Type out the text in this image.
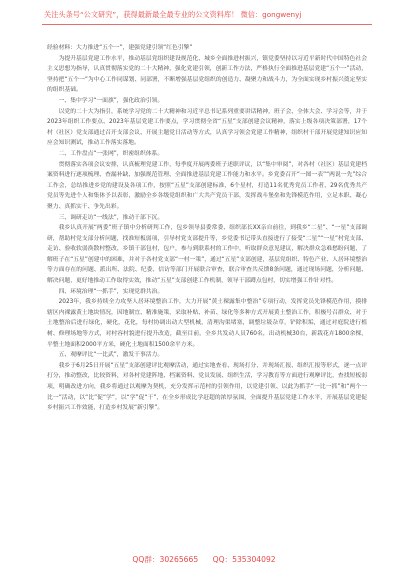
关注头条号“公文研究”，获得最新最全最专业的公文资料库！ 微信：gongwenyj

经验材料：大力推进“五个一”，建强党建引领“红色引擎”

为提升基层党建工作水平，推动基层党组织建设规范化、城乡全面推进村振兴，镇党委坚持以习近平新时代中国特色社会主义思想为指导，认真贯彻落实党的二十大精神，强化党建引领，创新工作方法，严格执行全面推进基层党建“五个一”活动，坚持把“五个一”为中心工作同谋划、同部署，不断增强基层党组织的创造力、凝聚力和战斗力，为全面实现乡村振兴奠定坚实的组织基础。

一、集中学习“一面旗”，强化政治引领。

以党的二十大为指引，系统学习党的二十大精神和习近平总书记系列重要讲话精神，班子会、全体大会、学习会等，并于2023年组织工作要点、2023年基层党建工作要点，学习贯彻全省“五星”支部创建会议精神，落实上级各项决策部署，17个村（社区）党支部通过召开支部会议、开展主题党日活动等方式，认真学习领会党建工作精神，组织村干部开展党建知识应知应会知识测试，推动工作落实落地。

二、工作盘点“一张网”，织密组织体系。

贯彻落实各项会议安排，认真梳理党建工作，每季度开展两委班子述职评议，以“集中审阅”，对各村（社区）基层党建档案资料进行逐项梳理、查漏补缺、加强规范管理、全面推进基层党建工作能力和水平。乡党委召开“一图一表”“两说一先”综合工作会，总结推进乡党的建设及各项工作，按照“五星”支部创建标准，6个星村，打造11名优秀党员工作者，29名优秀共产党员等先进个人和集体予以表彰，激励全乡各级党组织和广大共产党员干部，发挥战斗堡垒和先锋模范作用，立足本职、凝心聚力、真抓实干、争先出彩。

三、调研走访“一线法”，推动干部下沉。

我乡认真开展“两委”班子镇中分析研判工作，包乡领导县委常委、组织部长XX亲自前往，到我乡“二星”、“一星”支部调研，帮助村党支部分析问题，找准短板弱项，引导村党支部提升等，乡党委书记带头直接进行了接受“二星”“一星”村党支部、走访、验收软弱涣散村整改，乡镇干部包村，包户，参与到联系村的工作中，听取群众意见建议，解决群众急难愁盼问题，了解班子在“五星”创建中的困难，并对于各村党支部“一村一策”，通过“五星”支部创建，基层党组织、特色产业、人居环境整治等方面存在的问题、派出所、法院、纪委、信访等部门开展联合审查，联合审查共反馈8条问题，通过现场问题，分析问题、解决问题，更好地推动工作取得实效，推动“五星”支部创建工作机制，领导干部蹲点包村，切实增强工作针对性。

四、环境治理“一抓手”，实现党群共治。

2023年，我乡持续全力攻坚人居环境整治工作，大力开展“黄土裸露集中整治”专项行动，发挥党员先锋模范作用，摸排辖区内裸露黄土地块情况，因地制宜、精准施策，采取补贴、补苗、绿化等多种方式开展黄土整治工作，积极号召群众、对于土地整治后进行绿化，硬化，花化，每村协调出动大型机械，清理沟渠堵塞，调整垃圾杂草，铲除积垢，通过对庭院进行植树、修理场地等方式，对村容村貌进行提升改造，截至目前，全乡共发动人员760名，出动机械30台，新栽花卉1800余棵，平整土地面积2000平方米，硬化土地面积1500余平方米。

五、观摩评比“一比武”，激发干事活力。

我乡于6月25日开展“五星”支部创建评比观摩活动，通过实地查看、现场打分，并现场汇报、组织汇报等形式，逐一点评打分，推动整改，比较资料，对各村党建阵地、档案资料、党员发展、组织生活，学习教育等方面进行观摩评比，查找短板弱项，明确改进方向，我乡将通过以观摩为契机，充分发挥示范村的引领作用，以党建引领、以此为抓手“一比一抓”和“两个一比一”活动，以“比”促“学”，以“学”促“干”，在全乡形成比学赶超的浓厚氛围，全面提升基层党建工作水平，开展基层党建促乡村振兴工作效能，打造乡村发展“新引擎”。

QQ群：30265665 QQ：535304092
